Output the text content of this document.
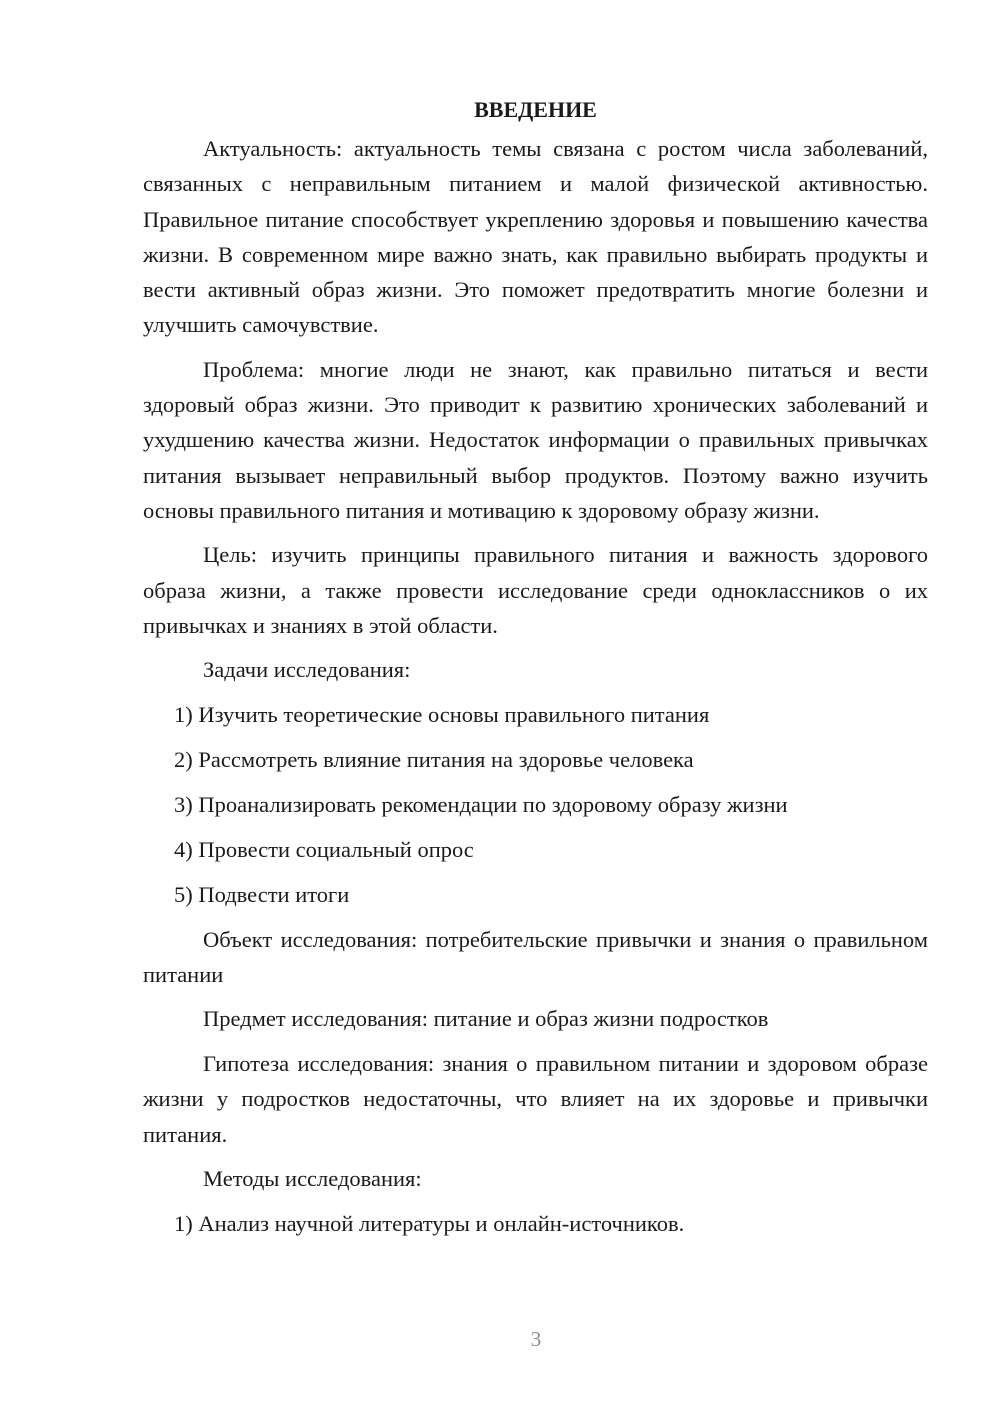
ВВЕДЕНИЕ

Актуальность: актуальность темы связана с ростом числа заболеваний, связанных с неправильным питанием и малой физической активностью. Правильное питание способствует укреплению здоровья и повышению качества жизни. В современном мире важно знать, как правильно выбирать продукты и вести активный образ жизни. Это поможет предотвратить многие болезни и улучшить самочувствие.

Проблема: многие люди не знают, как правильно питаться и вести здоровый образ жизни. Это приводит к развитию хронических заболеваний и ухудшению качества жизни. Недостаток информации о правильных привычках питания вызывает неправильный выбор продуктов. Поэтому важно изучить основы правильного питания и мотивацию к здоровому образу жизни.

Цель: изучить принципы правильного питания и важность здорового образа жизни, а также провести исследование среди одноклассников о их привычках и знаниях в этой области.

Задачи исследования:
1) Изучить теоретические основы правильного питания
2) Рассмотреть влияние питания на здоровье человека
3) Проанализировать рекомендации по здоровому образу жизни
4) Провести социальный опрос
5) Подвести итоги

Объект исследования: потребительские привычки и знания о правильном питании

Предмет исследования: питание и образ жизни подростков

Гипотеза исследования: знания о правильном питании и здоровом образе жизни у подростков недостаточны, что влияет на их здоровье и привычки питания.

Методы исследования:
1) Анализ научной литературы и онлайн-источников.
3
